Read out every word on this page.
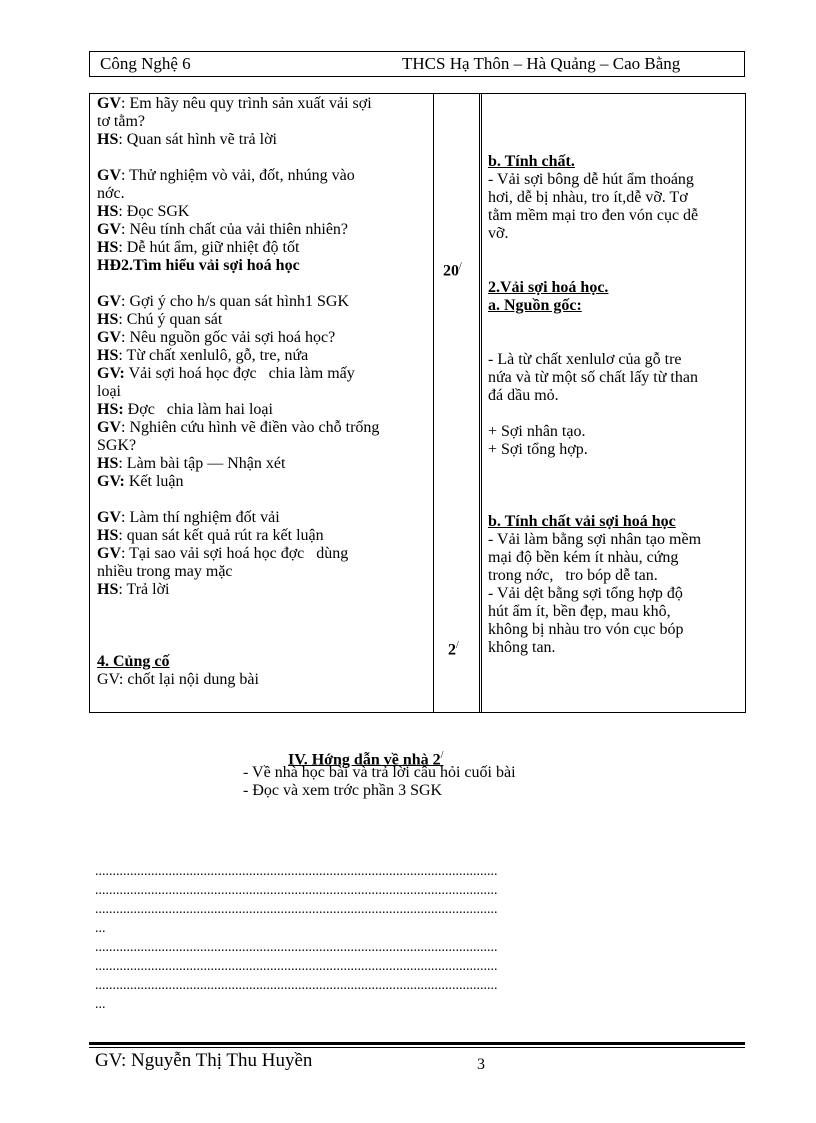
Công Nghệ 6	THCS Hạ Thôn – Hà Quảng – Cao Bằng
GV: Em hãy nêu quy trình sản xuất vải sợi
tơ tằm?
HS: Quan sát hình vẽ trả lời
GV: Thử nghiệm vò vải, đốt, nhúng vào
nớc.
HS: Đọc SGK
GV: Nêu tính chất của vải thiên nhiên?
HS: Dễ hút ẩm, giữ nhiệt độ tốt
HĐ2.Tìm hiểu vải sợi hoá học
GV: Gợi ý cho h/s quan sát hình1 SGK
HS: Chú ý quan sát
GV: Nêu nguồn gốc vải sợi hoá học?
HS: Từ chất xenlulô, gỗ, tre, nứa
GV: Vải sợi hoá học đợc   chia làm mấy
loại
HS: Đợc   chia làm hai loại
GV: Nghiên cứu hình vẽ điền vào chỗ trống
SGK?
HS: Làm bài tập — Nhận xét
GV: Kết luận
GV: Làm thí nghiệm đốt vải
HS: quan sát kết quả rút ra kết luận
GV: Tại sao vải sợi hoá học đợc   dùng
nhiều trong may mặc
HS: Trả lời
4. Củng cố
GV: chốt lại nội dung bài
20/
2/
b. Tính chất.
- Vải sợi bông dễ hút ẩm thoáng
hơi, dễ bị nhàu, tro ít,dễ vỡ. Tơ
tằm mềm mại tro đen vón cục dễ
vỡ.
2.Vải sợi hoá học.
a. Nguồn gốc:
- Là từ chất xenlulơ của gỗ tre
nứa và từ một số chất lấy từ than
đá dầu mỏ.
+ Sợi nhân tạo.
+ Sợi tổng hợp.
b. Tính chất vải sợi hoá học
- Vải làm bằng sợi nhân tạo mềm
mại độ bền kém ít nhàu, cứng
trong nớc,   tro bóp dễ tan.
- Vải dệt bằng sợi tổng hợp độ
hút ẩm ít, bền đẹp, mau khô,
không bị nhàu tro vón cục bóp
không tan.
IV. Hớng dẫn về nhà 2/
- Về nhà học bài và trả lời câu hỏi cuối bài
- Đọc và xem trớc phần 3 SGK
...................................................................................................................
...................................................................................................................
...................................................................................................................
...
...................................................................................................................
...................................................................................................................
...................................................................................................................
...
GV: Nguyễn Thị Thu Huyền	3
